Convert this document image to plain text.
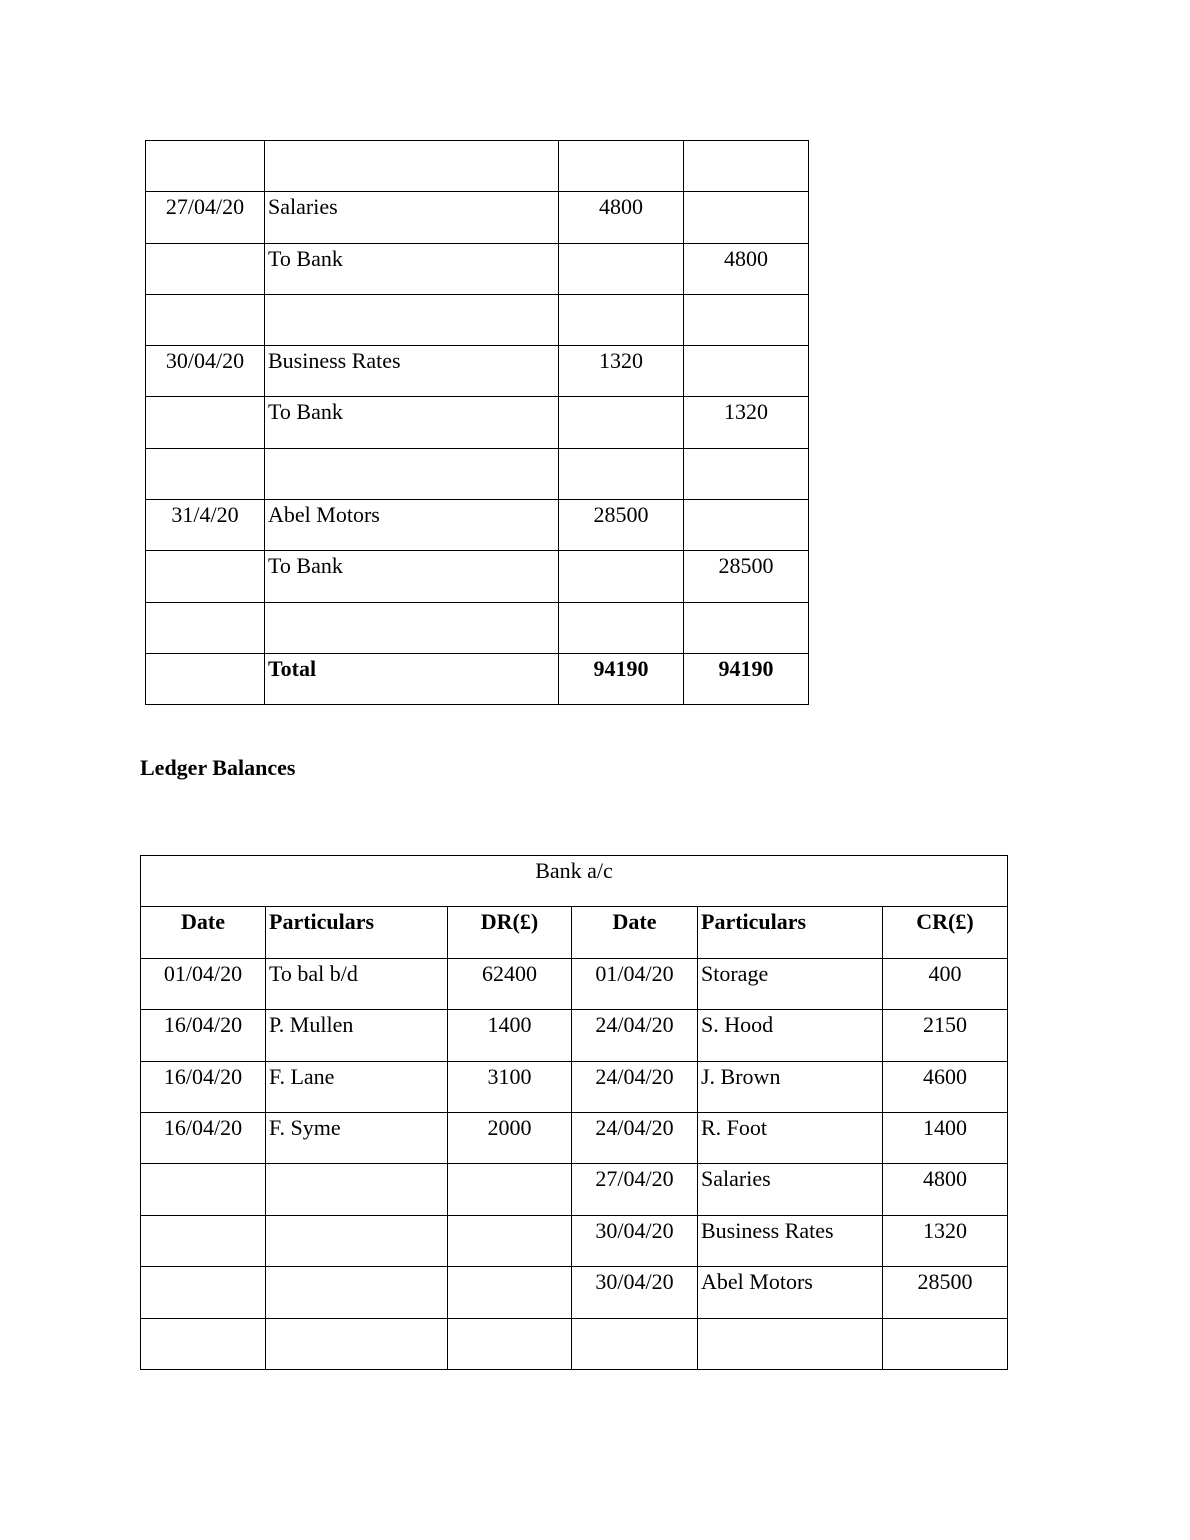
27/04/20	Salaries	4800	
	To Bank		4800

30/04/20	Business Rates	1320	
	To Bank		1320

31/4/20	Abel Motors	28500	
	To Bank		28500

	Total	94190	94190
Ledger Balances
Bank a/c					
Date	Particulars	DR(£)	Date	Particulars	CR(£)
01/04/20	To bal b/d	62400	01/04/20	Storage	400
16/04/20	P. Mullen	1400	24/04/20	S. Hood	2150
16/04/20	F. Lane	3100	24/04/20	J. Brown	4600
16/04/20	F. Syme	2000	24/04/20	R. Foot	1400
			27/04/20	Salaries	4800
			30/04/20	Business Rates	1320
			30/04/20	Abel Motors	28500
